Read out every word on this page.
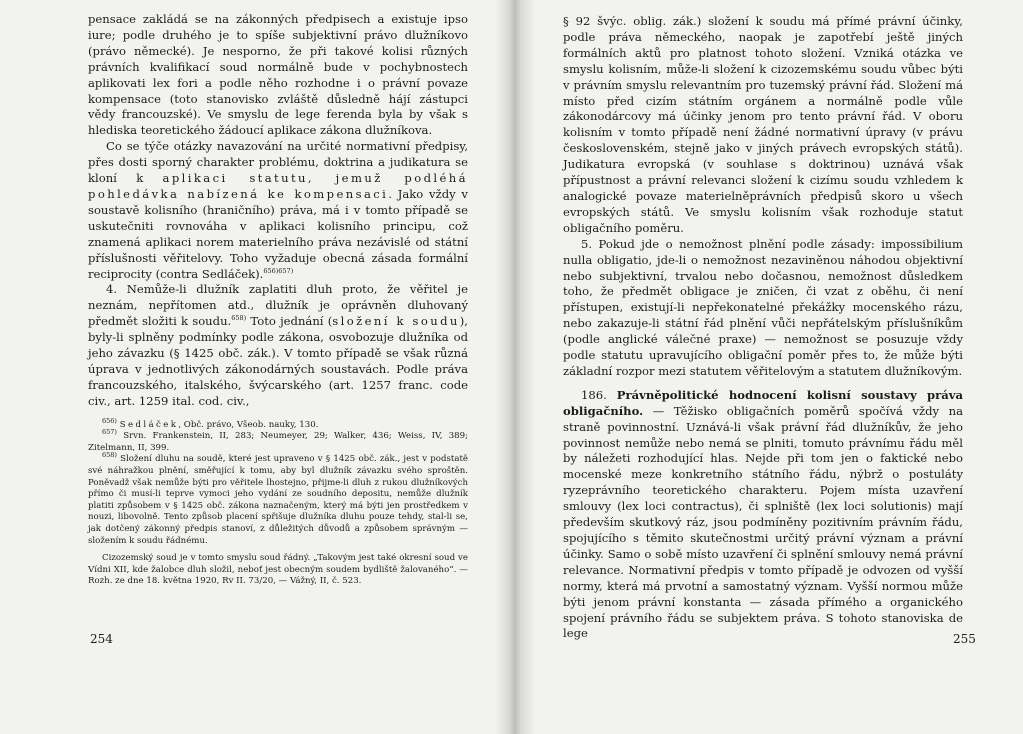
pensace zakládá se na zákonných předpisech a existuje ipso iure; podle druhého je to spíše subjektivní právo dlužníkovo (právo německé). Je nesporno, že při takové kolisi různých právních kvalifikací soud normálně bude v pochybnostech aplikovati lex fori a podle něho rozhodne i o právní povaze kompensace (toto stanovisko zvláště důsledně hájí zástupci vědy francouzské). Ve smyslu de lege ferenda byla by však s hlediska teoretického žádoucí aplikace zákona dlužníkova.

Co se týče otázky navazování na určité normativní předpisy, přes dosti sporný charakter problému, doktrina a judikatura se kloní k aplikaci statutu, jemuž podléhá pohledávka nabízená ke kompensaci. Jako vždy v soustavě kolisního (hraničního) práva, má i v tomto případě se uskutečniti rovnováha v aplikaci kolisního principu, což znamená aplikaci norem materielního práva nezávislé od státní příslušnosti věřitelovy. Toho vyžaduje obecná zásada formální reciprocity (contra Sedláček).$^{656)657)}$

4. Nemůže-li dlužník zaplatiti dluh proto, že věřitel je neznám, nepřítomen atd., dlužník je oprávněn dluhovaný předmět složiti k soudu.$^{658)}$ Toto jednání (složení k soudu), byly-li splněny podmínky podle zákona, osvobozuje dlužníka od jeho závazku (§ 1425 obč. zák.). V tomto případě se však různá úprava v jednotlivých zákonodárných soustavách. Podle práva francouzského, italského, švýcarského (art. 1257 franc. code civ., art. 1259 ital. cod. civ.,

$^{656)}$ Sedláček, Obč. právo, Všeob. nauky, 130.

$^{657)}$ Srvn. Frankenstein, II, 283; Neumeyer, 29; Walker, 436; Weiss, IV, 389; Zitelmann, II, 399.

$^{658)}$ Složení dluhu na soudě, které jest upraveno v § 1425 obč. zák., jest v podstatě své náhražkou plnění, směřující k tomu, aby byl dlužník závazku svého sproštěn. Poněvadž však nemůže býti pro věřitele lhostejno, přijme-li dluh z rukou dlužníkových přímo či musí-li teprve vymoci jeho vydání ze soudního depositu, nemůže dlužník platiti způsobem v § 1425 obč. zákona naznačeným, který má býti jen prostředkem v nouzi, libovolně. Tento způsob placení spřišuje dlužníka dluhu pouze tehdy, stal-li se, jak dotčený zákonný předpis stanoví, z důležitých důvodů a způsobem správným — složením k soudu řádnému.

Cizozemský soud je v tomto smyslu soud řádný. „Takovým jest také okresní soud ve Vídni XII, kde žalobce dluh složil, neboť jest obecným soudem bydliště žalovaného“. — Rozh. ze dne 18. května 1920, Rv II. 73/20, — Vážný, II, č. 523.

254

§ 92 švýc. oblig. zák.) složení k soudu má přímé právní účinky, podle práva německého, naopak je zapotřebí ještě jiných formálních aktů pro platnost tohoto složení. Vzniká otázka ve smyslu kolisním, může-li složení k cizozemskému soudu vůbec býti v právním smyslu relevantním pro tuzemský právní řád. Složení má místo před cizím státním orgánem a normálně podle vůle zákonodárcovy má účinky jenom pro tento právní řád. V oboru kolisním v tomto případě není žádné normativní úpravy (v právu československém, stejně jako v jiných právech evropských států). Judikatura evropská (v souhlase s doktrinou) uznává však přípustnost a právní relevanci složení k cizímu soudu vzhledem k analogické povaze materielněprávních předpisů skoro u všech evropských států. Ve smyslu kolisním však rozhoduje statut obligačního poměru.

5. Pokud jde o nemožnost plnění podle zásady: impossibilium nulla obligatio, jde-li o nemožnost nezaviněnou náhodou objektivní nebo subjektivní, trvalou nebo dočasnou, nemožnost důsledkem toho, že předmět obligace je zničen, či vzat z oběhu, či není přístupen, existují-li nepřekonatelné překážky mocenského rázu, nebo zakazuje-li státní řád plnění vůči nepřátelským příslušníkům (podle anglické válečné praxe) — nemožnost se posuzuje vždy podle statutu upravujícího obligační poměr přes to, že může býti základní rozpor mezi statutem věřitelovým a statutem dlužníkovým.

186. Právněpolitické hodnocení kolisní soustavy práva obligačního. — Těžisko obligačních poměrů spočívá vždy na straně povinnostní. Uznává-li však právní řád dlužníkův, že jeho povinnost nemůže nebo nemá se plniti, tomuto právnímu řádu měl by náležeti rozhodující hlas. Nejde při tom jen o faktické nebo mocenské meze konkretního státního řádu, nýbrž o postuláty ryzeprávního teoretického charakteru. Pojem místa uzavření smlouvy (lex loci contractus), či splniště (lex loci solutionis) mají především skutkový ráz, jsou podmíněny pozitivním právním řádu, spojujícího s těmito skutečnostmi určitý právní význam a právní účinky. Samo o sobě místo uzavření či splnění smlouvy nemá právní relevance. Normativní předpis v tomto případě je odvozen od vyšší normy, která má prvotní a samostatný význam. Vyšší normou může býti jenom právní konstanta — zásada přímého a organického spojení právního řádu se subjektem práva. S tohoto stanoviska de lege	255
